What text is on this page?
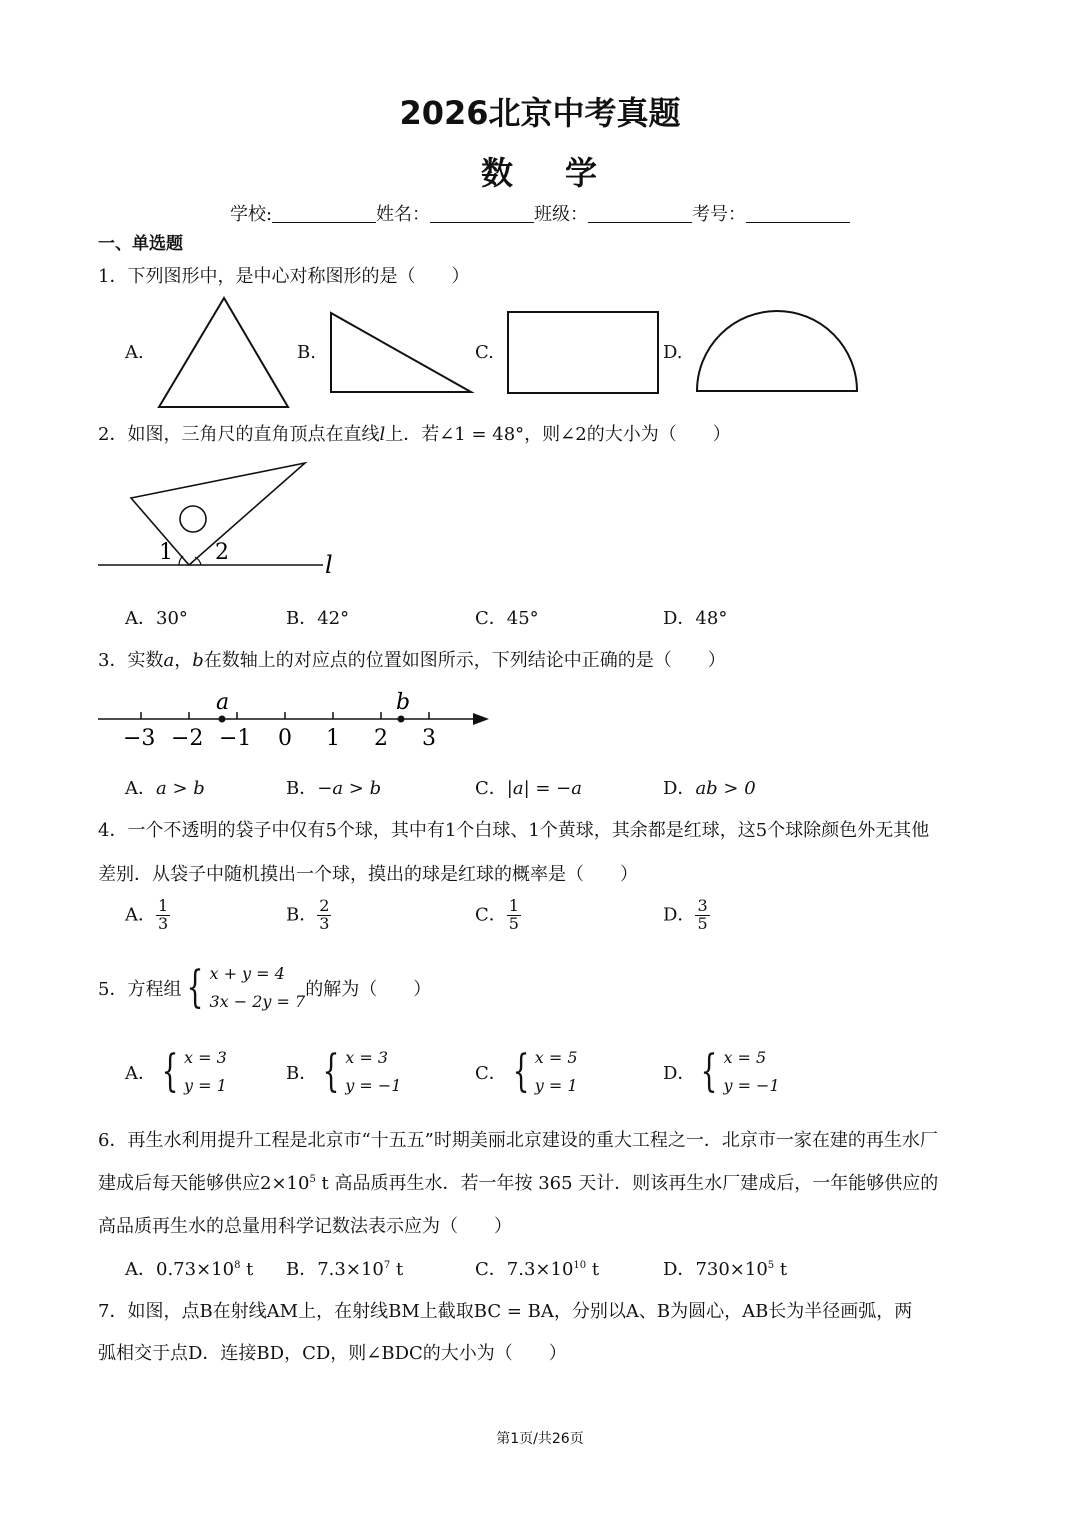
2026北京中考真题
数 学
学校:	姓名：	班级：	考号：
一、单选题
1．下列图形中，是中心对称图形的是（　　）
A.	B.	C.	D.
2．如图，三角尺的直角顶点在直线l上．若∠1 = 48°，则∠2的大小为（　　）
1 2	l
A．30°	B．42°	C．45°	D．48°
3．实数a，b在数轴上的对应点的位置如图所示，下列结论中正确的是（　　）
a	b
−3 −2 −1 0 1 2 3
A．a > b	B．−a > b	C．|a| = −a	D．ab > 0
4．一个不透明的袋子中仅有5个球，其中有1个白球、1个黄球，其余都是红球，这5个球除颜色外无其他
差别．从袋子中随机摸出一个球，摸出的球是红球的概率是（　　）
A． $\frac{1}{3}$	B． $\frac{2}{3}$	C． $\frac{1}{5}$	D． $\frac{3}{5}$
5．方程组 { x + y = 4
3x − 2y = 7
的解为（　　）
A． { x = 3
y = 1
B． { x = 3
y = −1
C． { x = 5
y = 1
D． { x = 5
y = −1
6．再生水利用提升工程是北京市“十五五”时期美丽北京建设的重大工程之一．北京市一家在建的再生水厂
建成后每天能够供应$2\times 10^5$ t 高品质再生水．若一年按 365 天计．则该再生水厂建成后，一年能够供应的
高品质再生水的总量用科学记数法表示应为（　　）
A．$0.73\times 10^8$ t B．$7.3\times 10^7$ t	C．$7.3\times 10^{10}$ t	D．$730\times 10^5$ t
7．如图，点B在射线AM上，在射线BM上截取BC = BA，分别以A、B为圆心，AB长为半径画弧，两
弧相交于点D．连接BD，CD，则∠BDC的大小为（　　）
第1页/共26页
